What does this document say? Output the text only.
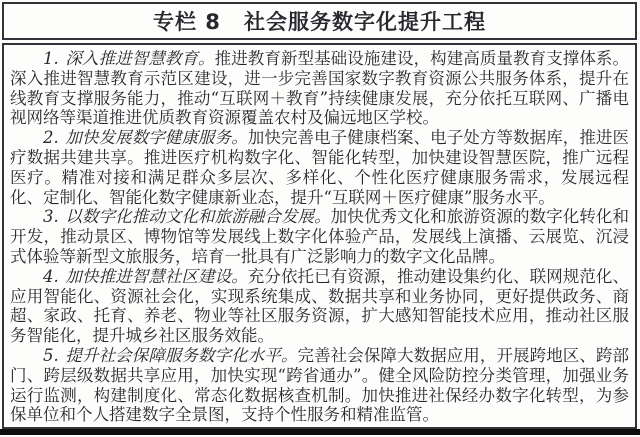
专栏 8 社会服务数字化提升工程

1. 深入推进智慧教育。推进教育新型基础设施建设，构建高质量教育支撑体系。深入推进智慧教育示范区建设，进一步完善国家数字教育资源公共服务体系，提升在线教育支撑服务能力，推动“互联网＋教育”持续健康发展，充分依托互联网、广播电视网络等渠道推进优质教育资源覆盖农村及偏远地区学校。

2. 加快发展数字健康服务。加快完善电子健康档案、电子处方等数据库，推进医疗数据共建共享。推进医疗机构数字化、智能化转型，加快建设智慧医院，推广远程医疗。精准对接和满足群众多层次、多样化、个性化医疗健康服务需求，发展远程化、定制化、智能化数字健康新业态，提升“互联网＋医疗健康”服务水平。

3. 以数字化推动文化和旅游融合发展。加快优秀文化和旅游资源的数字化转化和开发，推动景区、博物馆等发展线上数字化体验产品，发展线上演播、云展览、沉浸式体验等新型文旅服务，培育一批具有广泛影响力的数字文化品牌。

4. 加快推进智慧社区建设。充分依托已有资源，推动建设集约化、联网规范化、应用智能化、资源社会化，实现系统集成、数据共享和业务协同，更好提供政务、商超、家政、托育、养老、物业等社区服务资源，扩大感知智能技术应用，推动社区服务智能化，提升城乡社区服务效能。

5. 提升社会保障服务数字化水平。完善社会保障大数据应用，开展跨地区、跨部门、跨层级数据共享应用，加快实现“跨省通办”。健全风险防控分类管理，加强业务运行监测，构建制度化、常态化数据核查机制。加快推进社保经办数字化转型，为参保单位和个人搭建数字全景图，支持个性服务和精准监管。
